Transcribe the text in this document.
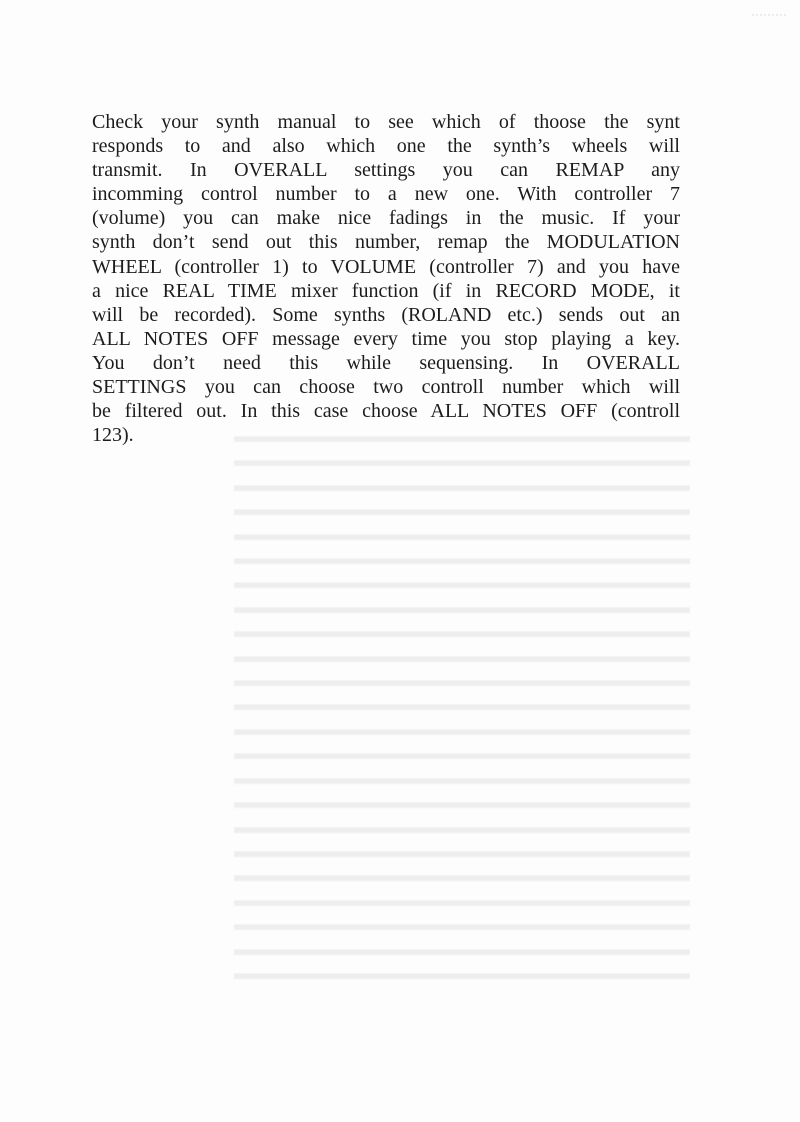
▬▬▬▬▬▬▬▬▬▬▬▬▬▬▬▬▬▬▬▬▬▬▬▬
▬▬▬▬▬▬▬▬▬▬▬▬▬▬▬▬▬▬▬▬▬▬▬▬
▬▬▬▬▬▬▬▬▬▬▬▬▬▬▬▬▬▬▬▬▬▬▬▬
▬▬▬▬▬▬▬▬▬▬▬▬▬▬▬▬▬▬▬▬▬▬▬▬
▬▬▬▬▬▬▬▬▬▬▬▬▬▬▬▬▬▬▬▬▬▬▬▬
▬▬▬▬▬▬▬▬▬▬▬▬▬▬▬▬▬▬▬▬▬▬▬▬
▬▬▬▬▬▬▬▬▬▬▬▬▬▬▬▬▬▬▬▬▬▬▬▬
▬▬▬▬▬▬▬▬▬▬▬▬▬▬▬▬▬▬▬▬▬▬▬▬
▬▬▬▬▬▬▬▬▬▬▬▬▬▬▬▬▬▬▬▬▬▬▬▬
▬▬▬▬▬▬▬▬▬▬▬▬▬▬▬▬▬▬▬▬▬▬▬▬
▬▬▬▬▬▬▬▬▬▬▬▬▬▬▬▬▬▬▬▬▬▬▬▬
▬▬▬▬▬▬▬▬▬▬▬▬▬▬▬▬▬▬▬▬▬▬▬▬
▬▬▬▬▬▬▬▬▬▬▬▬▬▬▬▬▬▬▬▬▬▬▬▬
▬▬▬▬▬▬▬▬▬▬▬▬▬▬▬▬▬▬▬▬▬▬▬▬
▬▬▬▬▬▬▬▬▬▬▬▬▬▬▬▬▬▬▬▬▬▬▬▬
▬▬▬▬▬▬▬▬▬▬▬▬▬▬▬▬▬▬▬▬▬▬▬▬
▬▬▬▬▬▬▬▬▬▬▬▬▬▬▬▬▬▬▬▬▬▬▬▬
▬▬▬▬▬▬▬▬▬▬▬▬▬▬▬▬▬▬▬▬▬▬▬▬
▬▬▬▬▬▬▬▬▬▬▬▬▬▬▬▬▬▬▬▬▬▬▬▬
▬▬▬▬▬▬▬▬▬▬▬▬▬▬▬▬▬▬▬▬▬▬▬▬
▬▬▬▬▬▬▬▬▬▬▬▬▬▬▬▬▬▬▬▬▬▬▬▬
▬▬▬▬▬▬▬▬▬▬▬▬▬▬▬▬▬▬▬▬▬▬▬▬
▬▬▬▬▬▬▬▬▬▬▬▬▬▬▬▬▬▬▬▬▬▬▬▬

Check your synth manual to see which of thoose the synt
responds to and also which one the synth’s wheels will
transmit. In OVERALL settings you can REMAP any
incomming control number to a new one. With controller 7
(volume) you can make nice fadings in the music. If your
synth don’t send out this number, remap the MODULATION
WHEEL (controller 1) to VOLUME (controller 7) and you have
a nice REAL TIME mixer function (if in RECORD MODE, it
will be recorded). Some synths (ROLAND etc.) sends out an
ALL NOTES OFF message every time you stop playing a key.
You don’t need this while sequensing. In OVERALL
SETTINGS you can choose two controll number which will
be filtered out. In this case choose ALL NOTES OFF (controll
123).
